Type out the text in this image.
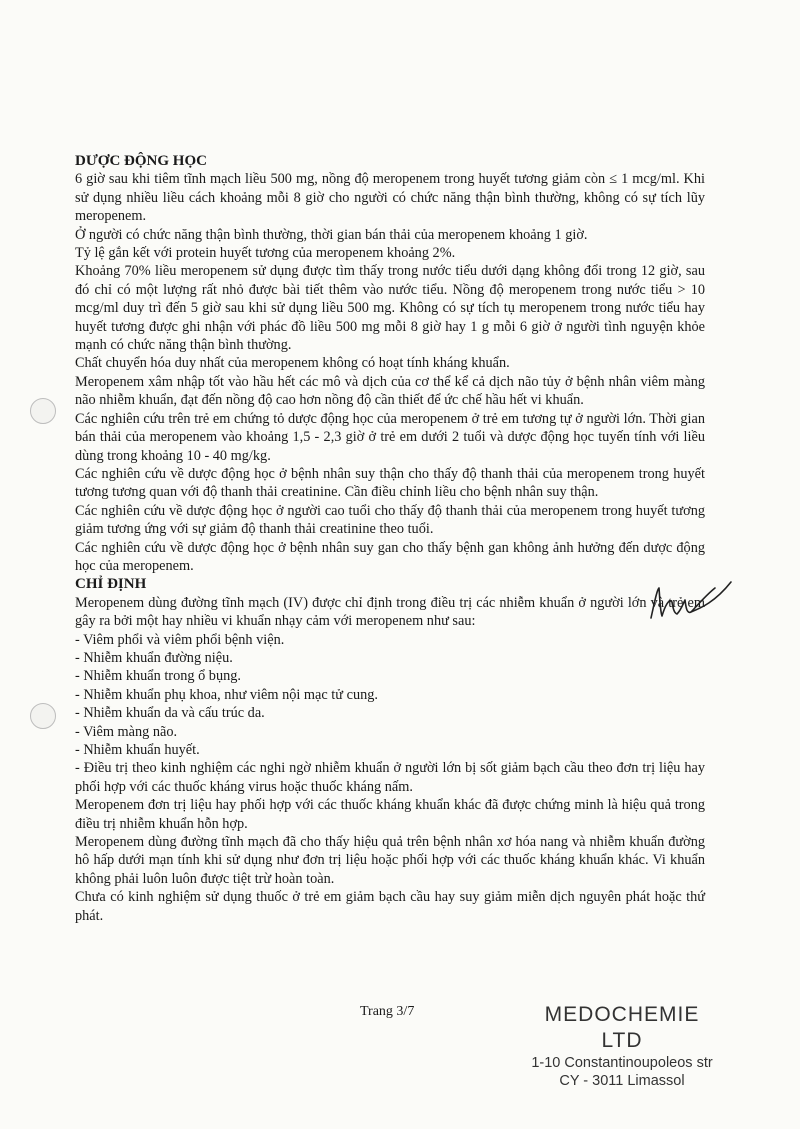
DƯỢC ĐỘNG HỌC

6 giờ sau khi tiêm tĩnh mạch liều 500 mg, nồng độ meropenem trong huyết tương giảm còn ≤ 1 mcg/ml. Khi sử dụng nhiều liều cách khoảng mỗi 8 giờ cho người có chức năng thận bình thường, không có sự tích lũy meropenem.

Ở người có chức năng thận bình thường, thời gian bán thải của meropenem khoảng 1 giờ.

Tỷ lệ gắn kết với protein huyết tương của meropenem khoảng 2%.

Khoảng 70% liều meropenem sử dụng được tìm thấy trong nước tiểu dưới dạng không đổi trong 12 giờ, sau đó chỉ có một lượng rất nhỏ được bài tiết thêm vào nước tiểu. Nồng độ meropenem trong nước tiểu > 10 mcg/ml duy trì đến 5 giờ sau khi sử dụng liều 500 mg. Không có sự tích tụ meropenem trong nước tiểu hay huyết tương được ghi nhận với phác đồ liều 500 mg mỗi 8 giờ hay 1 g mỗi 6 giờ ở người tình nguyện khỏe mạnh có chức năng thận bình thường.

Chất chuyển hóa duy nhất của meropenem không có hoạt tính kháng khuẩn.

Meropenem xâm nhập tốt vào hầu hết các mô và dịch của cơ thể kể cả dịch não tủy ở bệnh nhân viêm màng não nhiễm khuẩn, đạt đến nồng độ cao hơn nồng độ cần thiết để ức chế hầu hết vi khuẩn.

Các nghiên cứu trên trẻ em chứng tỏ dược động học của meropenem ở trẻ em tương tự ở người lớn. Thời gian bán thải của meropenem vào khoảng 1,5 - 2,3 giờ ở trẻ em dưới 2 tuổi và dược động học tuyến tính với liều dùng trong khoảng 10 - 40 mg/kg.

Các nghiên cứu về dược động học ở bệnh nhân suy thận cho thấy độ thanh thải của meropenem trong huyết tương tương quan với độ thanh thải creatinine. Cần điều chỉnh liều cho bệnh nhân suy thận.

Các nghiên cứu về dược động học ở người cao tuổi cho thấy độ thanh thải của meropenem trong huyết tương giảm tương ứng với sự giảm độ thanh thải creatinine theo tuổi.

Các nghiên cứu về dược động học ở bệnh nhân suy gan cho thấy bệnh gan không ảnh hưởng đến dược động học của meropenem.

CHỈ ĐỊNH

Meropenem dùng đường tĩnh mạch (IV) được chỉ định trong điều trị các nhiễm khuẩn ở người lớn và trẻ em gây ra bởi một hay nhiều vi khuẩn nhạy cảm với meropenem như sau:

- Viêm phổi và viêm phổi bệnh viện.

- Nhiễm khuẩn đường niệu.

- Nhiễm khuẩn trong ổ bụng.

- Nhiễm khuẩn phụ khoa, như viêm nội mạc tử cung.

- Nhiễm khuẩn da và cấu trúc da.

- Viêm màng não.

- Nhiễm khuẩn huyết.

- Điều trị theo kinh nghiệm các nghi ngờ nhiễm khuẩn ở người lớn bị sốt giảm bạch cầu theo đơn trị liệu hay phối hợp với các thuốc kháng virus hoặc thuốc kháng nấm.

Meropenem đơn trị liệu hay phối hợp với các thuốc kháng khuẩn khác đã được chứng minh là hiệu quả trong điều trị nhiễm khuẩn hỗn hợp.

Meropenem dùng đường tĩnh mạch đã cho thấy hiệu quả trên bệnh nhân xơ hóa nang và nhiễm khuẩn đường hô hấp dưới mạn tính khi sử dụng như đơn trị liệu hoặc phối hợp với các thuốc kháng khuẩn khác. Vi khuẩn không phải luôn luôn được tiệt trừ hoàn toàn.

Chưa có kinh nghiệm sử dụng thuốc ở trẻ em giảm bạch cầu hay suy giảm miễn dịch nguyên phát hoặc thứ phát.

Trang 3/7	MEDOCHEMIE LTD
1-10 Constantinoupoleos str
CY - 3011 Limassol
